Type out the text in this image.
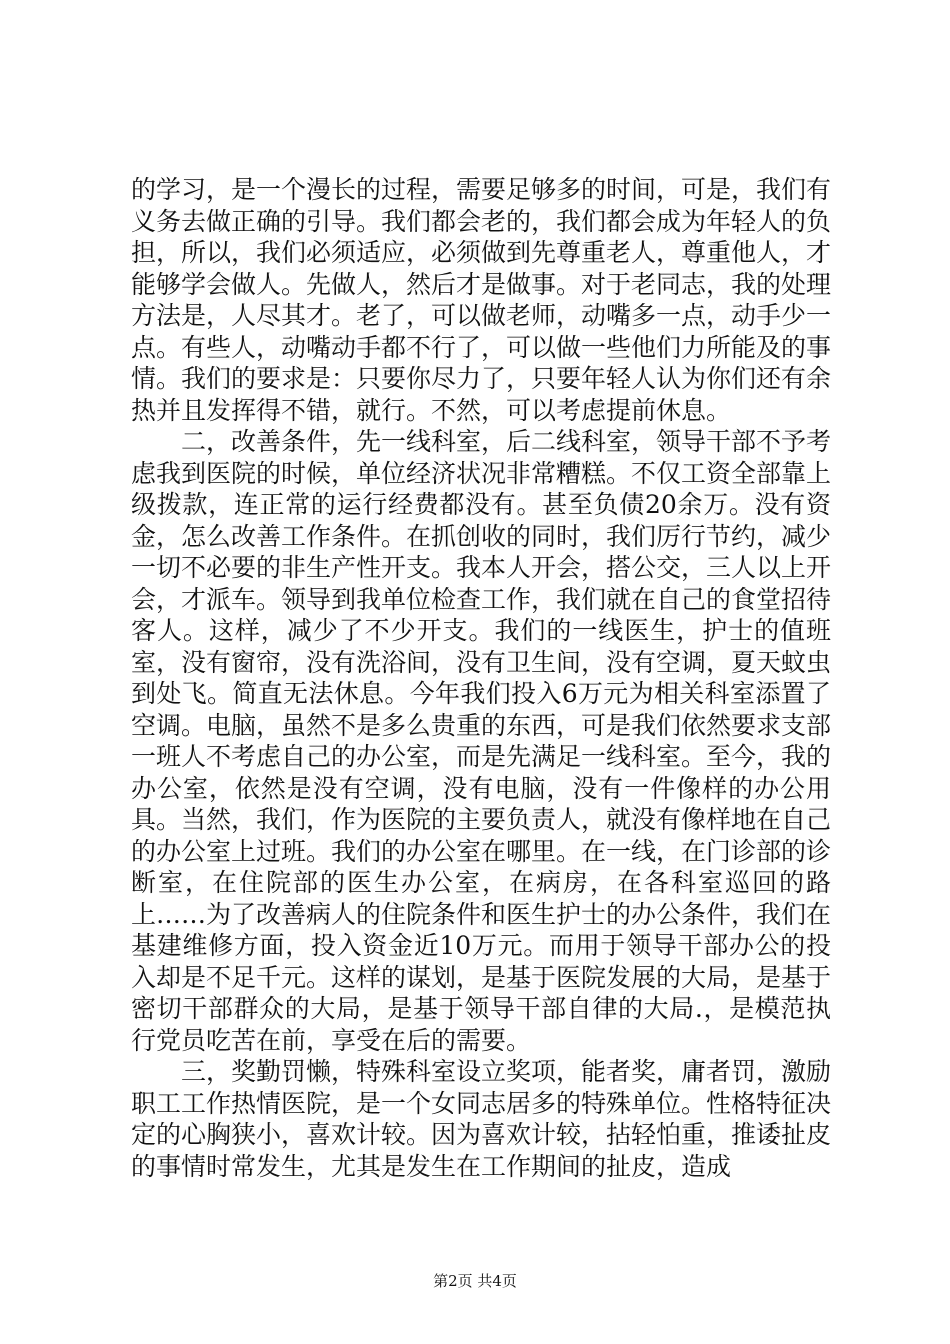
的学习，是一个漫长的过程，需要足够多的时间，可是，我们有义务去做正确的引导。我们都会老的，我们都会成为年轻人的负担，所以，我们必须适应，必须做到先尊重老人，尊重他人，才能够学会做人。先做人，然后才是做事。对于老同志，我的处理方法是，人尽其才。老了，可以做老师，动嘴多一点，动手少一点。有些人，动嘴动手都不行了，可以做一些他们力所能及的事情。我们的要求是：只要你尽力了，只要年轻人认为你们还有余热并且发挥得不错，就行。不然，可以考虑提前休息。

二，改善条件，先一线科室，后二线科室，领导干部不予考虑我到医院的时候，单位经济状况非常糟糕。不仅工资全部靠上级拨款，连正常的运行经费都没有。甚至负债20余万。没有资金，怎么改善工作条件。在抓创收的同时，我们厉行节约，减少一切不必要的非生产性开支。我本人开会，搭公交，三人以上开会，才派车。领导到我单位检查工作，我们就在自己的食堂招待客人。这样，减少了不少开支。我们的一线医生，护士的值班室，没有窗帘，没有洗浴间，没有卫生间，没有空调，夏天蚊虫到处飞。简直无法休息。今年我们投入6万元为相关科室添置了空调。电脑，虽然不是多么贵重的东西，可是我们依然要求支部一班人不考虑自己的办公室，而是先满足一线科室。至今，我的办公室，依然是没有空调，没有电脑，没有一件像样的办公用具。当然，我们，作为医院的主要负责人，就没有像样地在自己的办公室上过班。我们的办公室在哪里。在一线，在门诊部的诊断室，在住院部的医生办公室，在病房，在各科室巡回的路上……为了改善病人的住院条件和医生护士的办公条件，我们在基建维修方面，投入资金近10万元。而用于领导干部办公的投入却是不足千元。这样的谋划，是基于医院发展的大局，是基于密切干部群众的大局，是基于领导干部自律的大局.，是模范执行党员吃苦在前，享受在后的需要。

三，奖勤罚懒，特殊科室设立奖项，能者奖，庸者罚，激励职工工作热情医院，是一个女同志居多的特殊单位。性格特征决定的心胸狭小，喜欢计较。因为喜欢计较，拈轻怕重，推诿扯皮的事情时常发生，尤其是发生在工作期间的扯皮，造成

第2页 共4页
